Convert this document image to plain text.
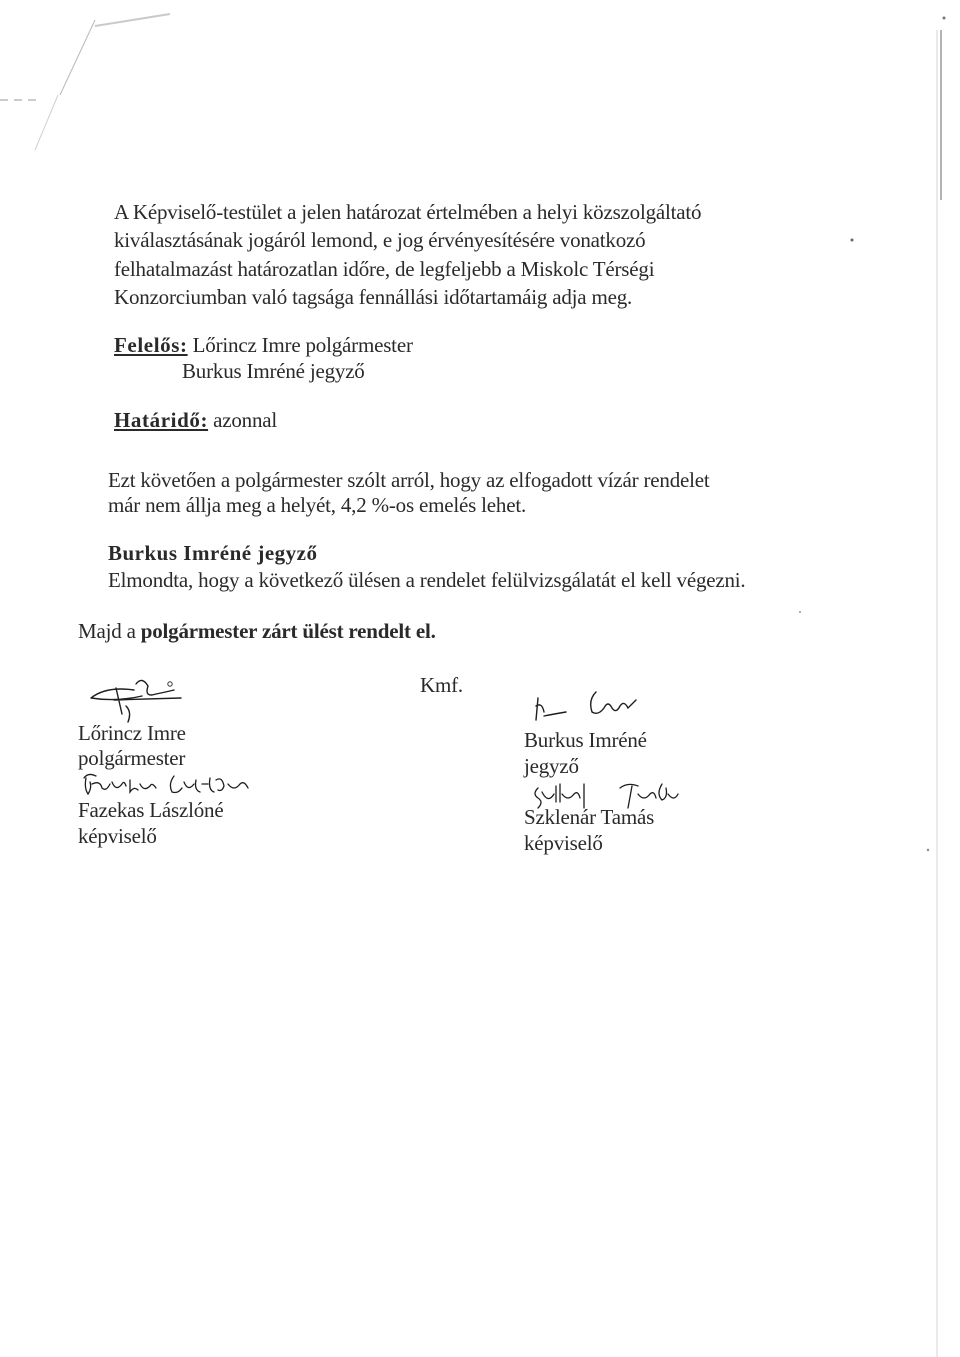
A Képviselő-testület a jelen határozat értelmében a helyi közszolgáltató
kiválasztásának jogáról lemond, e jog érvényesítésére vonatkozó
felhatalmazást határozatlan időre, de legfeljebb a Miskolc Térségi
Konzorciumban való tagsága fennállási időtartamáig adja meg.
Felelős: Lőrincz Imre polgármester
Burkus Imréné jegyző
Határidő: azonnal
Ezt követően a polgármester szólt arról, hogy az elfogadott vízár rendelet
már nem állja meg a helyét, 4,2 %-os emelés lehet.
Burkus Imréné jegyző
Elmondta, hogy a következő ülésen a rendelet felülvizsgálatát el kell végezni.
Majd a polgármester zárt ülést rendelt el.
Kmf.
Lőrincz Imre
polgármester
Fazekas Lászlóné
képviselő
Burkus Imréné
jegyző
Szklenár Tamás
képviselő
